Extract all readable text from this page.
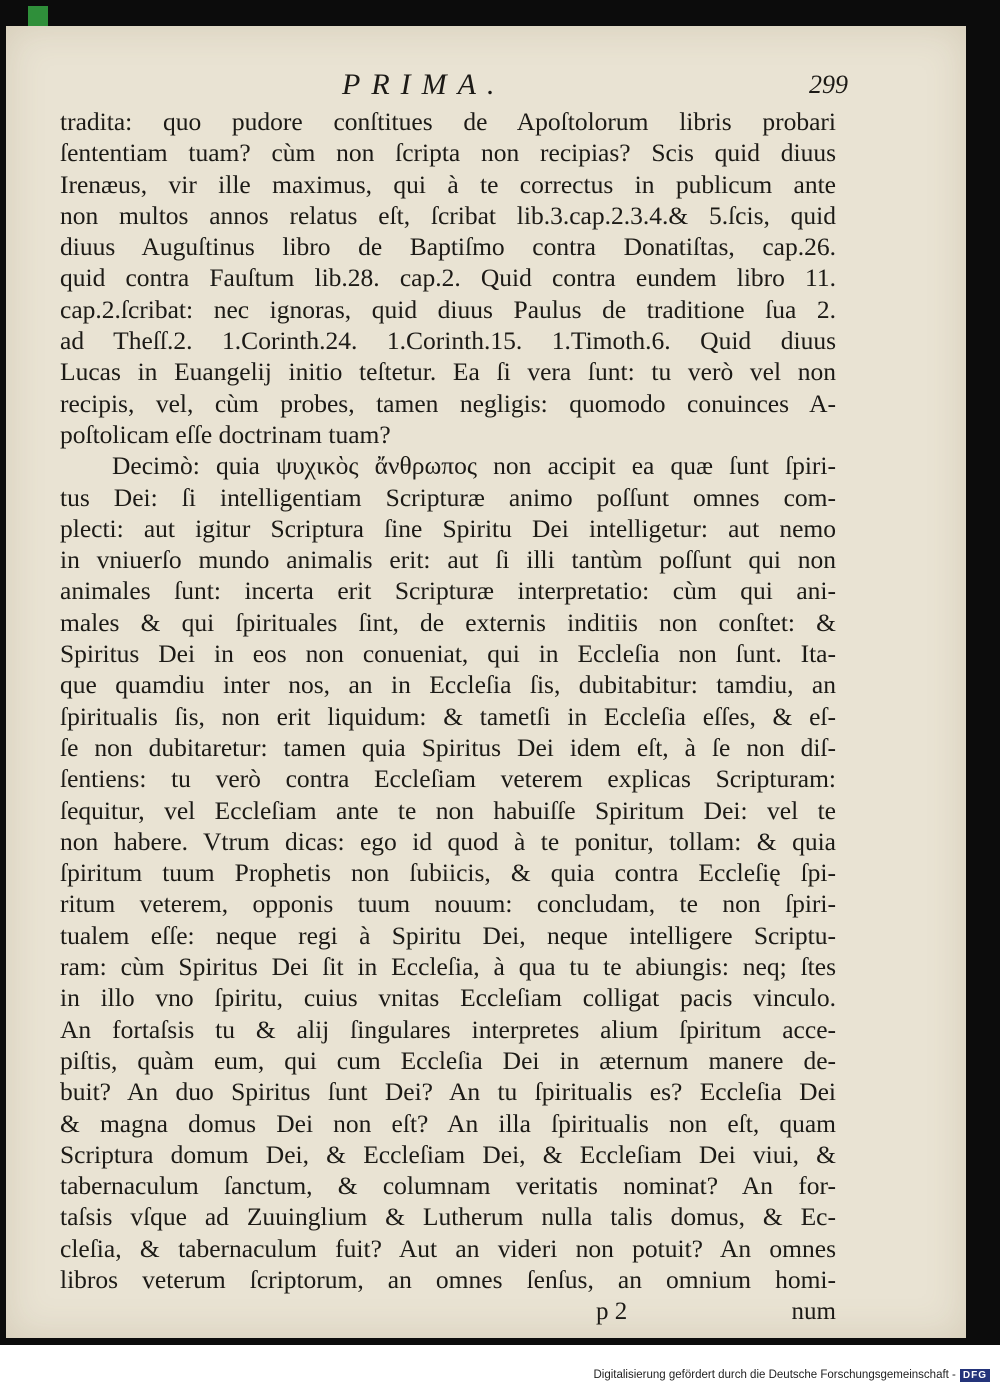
PRIMA.	299
tradita: quo pudore conſtitues de Apoſtolorum libris probari
ſententiam tuam? cùm non ſcripta non recipias? Scis quid diuus
Irenæus, vir ille maximus, qui à te correctus in publicum ante
non multos annos relatus eſt, ſcribat lib.3.cap.2.3.4.& 5.ſcis, quid
diuus Auguſtinus libro de Baptiſmo contra Donatiſtas, cap.26.
quid contra Fauſtum lib.28. cap.2. Quid contra eundem libro 11.
cap.2.ſcribat: nec ignoras, quid diuus Paulus de traditione ſua 2.
ad Theſſ.2. 1.Corinth.24. 1.Corinth.15. 1.Timoth.6. Quid diuus
Lucas in Euangelij initio teſtetur. Ea ſi vera ſunt: tu verò vel non
recipis, vel, cùm probes, tamen negligis: quomodo conuinces A-
poſtolicam eſſe doctrinam tuam?
Decimò: quia ψυχικὸς ἄνθρωπος non accipit ea quæ ſunt ſpiri-
tus Dei: ſi intelligentiam Scripturæ animo poſſunt omnes com-
plecti: aut igitur Scriptura ſine Spiritu Dei intelligetur: aut nemo
in vniuerſo mundo animalis erit: aut ſi illi tantùm poſſunt qui non
animales ſunt: incerta erit Scripturæ interpretatio: cùm qui ani-
males & qui ſpirituales ſint, de externis inditiis non conſtet: &
Spiritus Dei in eos non conueniat, qui in Eccleſia non ſunt. Ita-
que quamdiu inter nos, an in Eccleſia ſis, dubitabitur: tamdiu, an
ſpiritualis ſis, non erit liquidum: & tametſi in Eccleſia eſſes, & eſ-
ſe non dubitaretur: tamen quia Spiritus Dei idem eſt, à ſe non diſ-
ſentiens: tu verò contra Eccleſiam veterem explicas Scripturam:
ſequitur, vel Eccleſiam ante te non habuiſſe Spiritum Dei: vel te
non habere. Vtrum dicas: ego id quod à te ponitur, tollam: & quia
ſpiritum tuum Prophetis non ſubiicis, & quia contra Eccleſię ſpi-
ritum veterem, opponis tuum nouum: concludam, te non ſpiri-
tualem eſſe: neque regi à Spiritu Dei, neque intelligere Scriptu-
ram: cùm Spiritus Dei ſit in Eccleſia, à qua tu te abiungis: neq; ſtes
in illo vno ſpiritu, cuius vnitas Eccleſiam colligat pacis vinculo.
An fortaſsis tu & alij ſingulares interpretes alium ſpiritum acce-
piſtis, quàm eum, qui cum Eccleſia Dei in æternum manere de-
buit? An duo Spiritus ſunt Dei? An tu ſpiritualis es? Eccleſia Dei
& magna domus Dei non eſt? An illa ſpiritualis non eſt, quam
Scriptura domum Dei, & Eccleſiam Dei, & Eccleſiam Dei viui, &
tabernaculum ſanctum, & columnam veritatis nominat? An for-
taſsis vſque ad Zuuinglium & Lutherum nulla talis domus, & Ec-
cleſia, & tabernaculum fuit? Aut an videri non potuit? An omnes
libros veterum ſcriptorum, an omnes ſenſus, an omnium homi-
p 2	num
Digitalisierung gefördert durch die Deutsche Forschungsgemeinschaft - DFG
